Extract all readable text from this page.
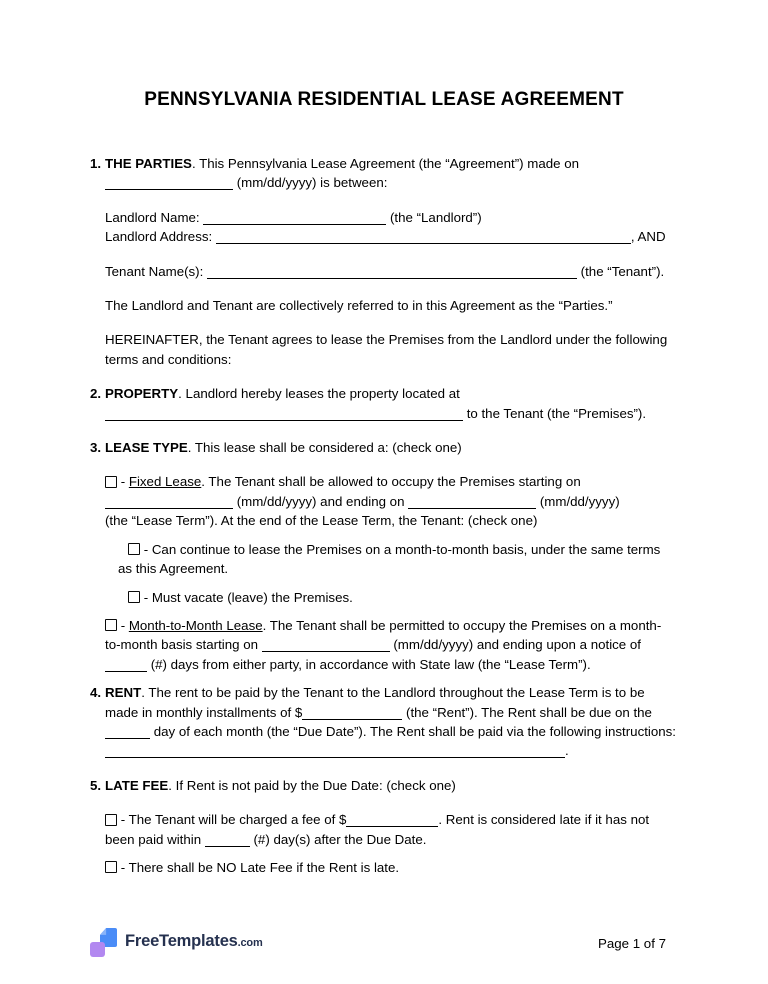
PENNSYLVANIA RESIDENTIAL LEASE AGREEMENT
1. THE PARTIES. This Pennsylvania Lease Agreement (the “Agreement”) made on
(mm/dd/yyyy) is between:
Landlord Name:	(the “Landlord”)
Landlord Address:	, AND
Tenant Name(s):	(the “Tenant”).
The Landlord and Tenant are collectively referred to in this Agreement as the “Parties.”
HEREINAFTER, the Tenant agrees to lease the Premises from the Landlord under the following terms and conditions:
2. PROPERTY. Landlord hereby leases the property located at
to the Tenant (the “Premises”).
3. LEASE TYPE. This lease shall be considered a: (check one)
- Fixed Lease. The Tenant shall be allowed to occupy the Premises starting on
(mm/dd/yyyy) and ending on	(mm/dd/yyyy)
(the “Lease Term”). At the end of the Lease Term, the Tenant: (check one)
- Can continue to lease the Premises on a month-to-month basis, under the same terms as this Agreement.
- Must vacate (leave) the Premises.
- Month-to-Month Lease. The Tenant shall be permitted to occupy the Premises on a month-to-month basis starting on	(mm/dd/yyyy) and ending upon a notice of  (#) days from either party, in accordance with State law (the “Lease Term”).
4. RENT. The rent to be paid by the Tenant to the Landlord throughout the Lease Term is to be made in monthly installments of $	(the “Rent”). The Rent shall be due on the  day of each month (the “Due Date”). The Rent shall be paid via the following instructions: .
5. LATE FEE. If Rent is not paid by the Due Date: (check one)
- The Tenant will be charged a fee of $	. Rent is considered late if it has not been paid within	(#) day(s) after the Due Date.
- There shall be NO Late Fee if the Rent is late.
FreeTemplates.com	Page 1 of 7
